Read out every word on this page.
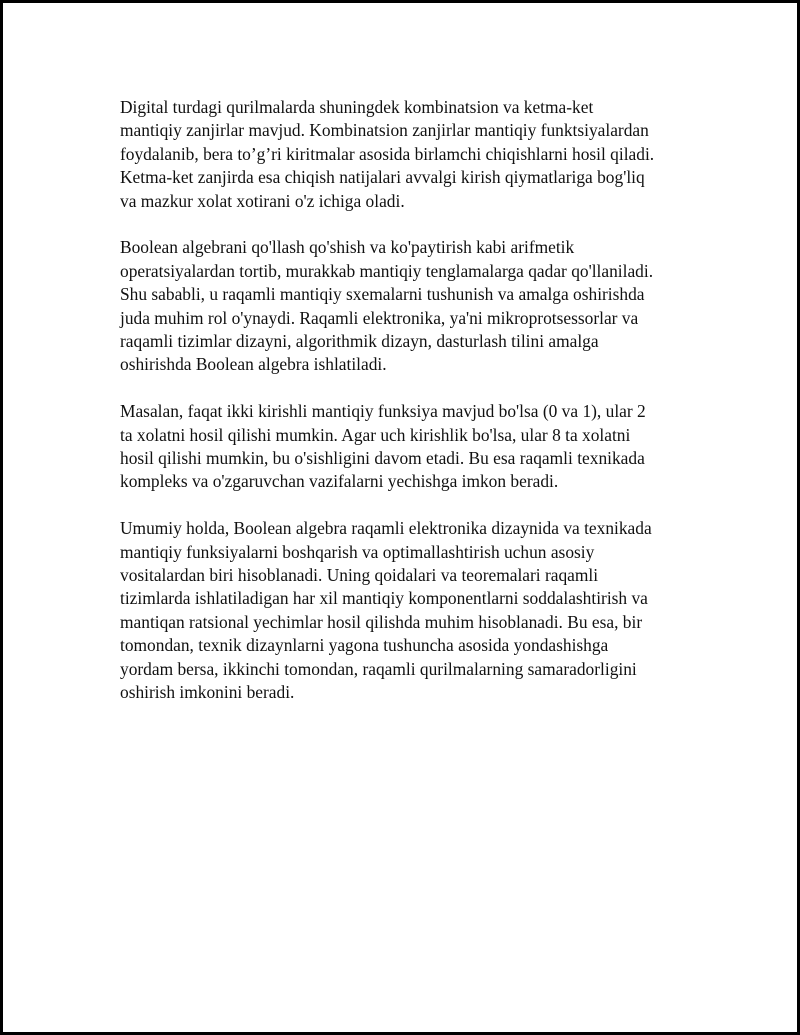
Digital turdagi qurilmalarda shuningdek kombinatsion va ketma-ket
mantiqiy zanjirlar mavjud. Kombinatsion zanjirlar mantiqiy funktsiyalardan
foydalanib, bera to’g’ri kiritmalar asosida birlamchi chiqishlarni hosil qiladi.
Ketma-ket zanjirda esa chiqish natijalari avvalgi kirish qiymatlariga bog'liq
va mazkur xolat xotirani o'z ichiga oladi.

Boolean algebrani qo'llash qo'shish va ko'paytirish kabi arifmetik
operatsiyalardan tortib, murakkab mantiqiy tenglamalarga qadar qo'llaniladi.
Shu sababli, u raqamli mantiqiy sxemalarni tushunish va amalga oshirishda
juda muhim rol o'ynaydi. Raqamli elektronika, ya'ni mikroprotsessorlar va
raqamli tizimlar dizayni, algorithmik dizayn, dasturlash tilini amalga
oshirishda Boolean algebra ishlatiladi.

Masalan, faqat ikki kirishli mantiqiy funksiya mavjud bo'lsa (0 va 1), ular 2
ta xolatni hosil qilishi mumkin. Agar uch kirishlik bo'lsa, ular 8 ta xolatni
hosil qilishi mumkin, bu o'sishligini davom etadi. Bu esa raqamli texnikada
kompleks va o'zgaruvchan vazifalarni yechishga imkon beradi.

Umumiy holda, Boolean algebra raqamli elektronika dizaynida va texnikada
mantiqiy funksiyalarni boshqarish va optimallashtirish uchun asosiy
vositalardan biri hisoblanadi. Uning qoidalari va teoremalari raqamli
tizimlarda ishlatiladigan har xil mantiqiy komponentlarni soddalashtirish va
mantiqan ratsional yechimlar hosil qilishda muhim hisoblanadi. Bu esa, bir
tomondan, texnik dizaynlarni yagona tushuncha asosida yondashishga
yordam bersa, ikkinchi tomondan, raqamli qurilmalarning samaradorligini
oshirish imkonini beradi.
